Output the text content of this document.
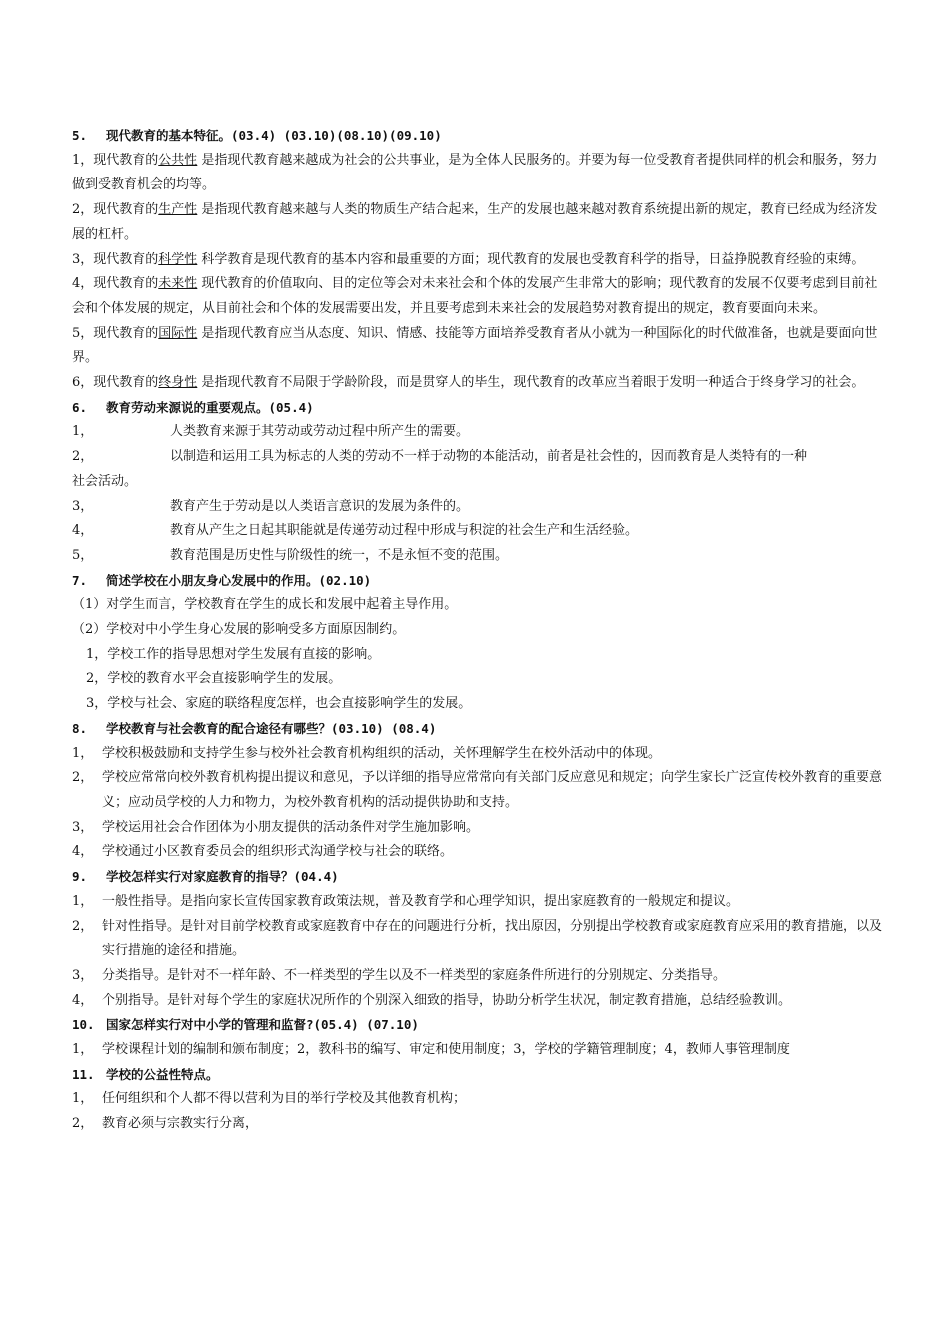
5. 现代教育的基本特征。(03.4) (03.10)(08.10)(09.10)

1，现代教育的公共性 是指现代教育越来越成为社会的公共事业，是为全体人民服务的。并要为每一位受教育者提供同样的机会和服务，努力做到受教育机会的均等。

2，现代教育的生产性 是指现代教育越来越与人类的物质生产结合起来，生产的发展也越来越对教育系统提出新的规定，教育已经成为经济发展的杠杆。

3，现代教育的科学性 科学教育是现代教育的基本内容和最重要的方面；现代教育的发展也受教育科学的指导，日益挣脱教育经验的束缚。

4，现代教育的未来性 现代教育的价值取向、目的定位等会对未来社会和个体的发展产生非常大的影响；现代教育的发展不仅要考虑到目前社会和个体发展的规定，从目前社会和个体的发展需要出发，并且要考虑到未来社会的发展趋势对教育提出的规定，教育要面向未来。

5，现代教育的国际性 是指现代教育应当从态度、知识、情感、技能等方面培养受教育者从小就为一种国际化的时代做准备，也就是要面向世界。

6，现代教育的终身性 是指现代教育不局限于学龄阶段，而是贯穿人的毕生，现代教育的改革应当着眼于发明一种适合于终身学习的社会。

6. 教育劳动来源说的重要观点。(05.4)
1，	人类教育来源于其劳动或劳动过程中所产生的需要。
2，	以制造和运用工具为标志的人类的劳动不一样于动物的本能活动，前者是社会性的，因而教育是人类特有的一种

社会活动。

3，	教育产生于劳动是以人类语言意识的发展为条件的。
4，	教育从产生之日起其职能就是传递劳动过程中形成与积淀的社会生产和生活经验。
5，	教育范围是历史性与阶级性的统一，不是永恒不变的范围。
7. 简述学校在小朋友身心发展中的作用。(02.10)

（1）对学生而言，学校教育在学生的成长和发展中起着主导作用。

（2）学校对中小学生身心发展的影响受多方面原因制约。

1，学校工作的指导思想对学生发展有直接的影响。

2，学校的教育水平会直接影响学生的发展。

3，学校与社会、家庭的联络程度怎样，也会直接影响学生的发展。

8. 学校教育与社会教育的配合途径有哪些？(03.10) (08.4)

1， 学校积极鼓励和支持学生参与校外社会教育机构组织的活动，关怀理解学生在校外活动中的体现。

2， 学校应常常向校外教育机构提出提议和意见，予以详细的指导应常常向有关部门反应意见和规定；向学生家长广泛宣传校外教育的重要意义；应动员学校的人力和物力，为校外教育机构的活动提供协助和支持。

3， 学校运用社会合作团体为小朋友提供的活动条件对学生施加影响。

4， 学校通过小区教育委员会的组织形式沟通学校与社会的联络。

9. 学校怎样实行对家庭教育的指导？(04.4)

1， 一般性指导。是指向家长宣传国家教育政策法规，普及教育学和心理学知识，提出家庭教育的一般规定和提议。

2， 针对性指导。是针对目前学校教育或家庭教育中存在的问题进行分析，找出原因，分别提出学校教育或家庭教育应采用的教育措施，以及实行措施的途径和措施。

3， 分类指导。是针对不一样年龄、不一样类型的学生以及不一样类型的家庭条件所进行的分别规定、分类指导。

4， 个别指导。是针对每个学生的家庭状况所作的个别深入细致的指导，协助分析学生状况，制定教育措施，总结经验教训。

10. 国家怎样实行对中小学的管理和监督?(05.4) (07.10)

1， 学校课程计划的编制和颁布制度；2，教科书的编写、审定和使用制度；3，学校的学籍管理制度；4，教师人事管理制度

11. 学校的公益性特点。

1， 任何组织和个人都不得以营利为目的举行学校及其他教育机构；

2， 教育必须与宗教实行分离，
